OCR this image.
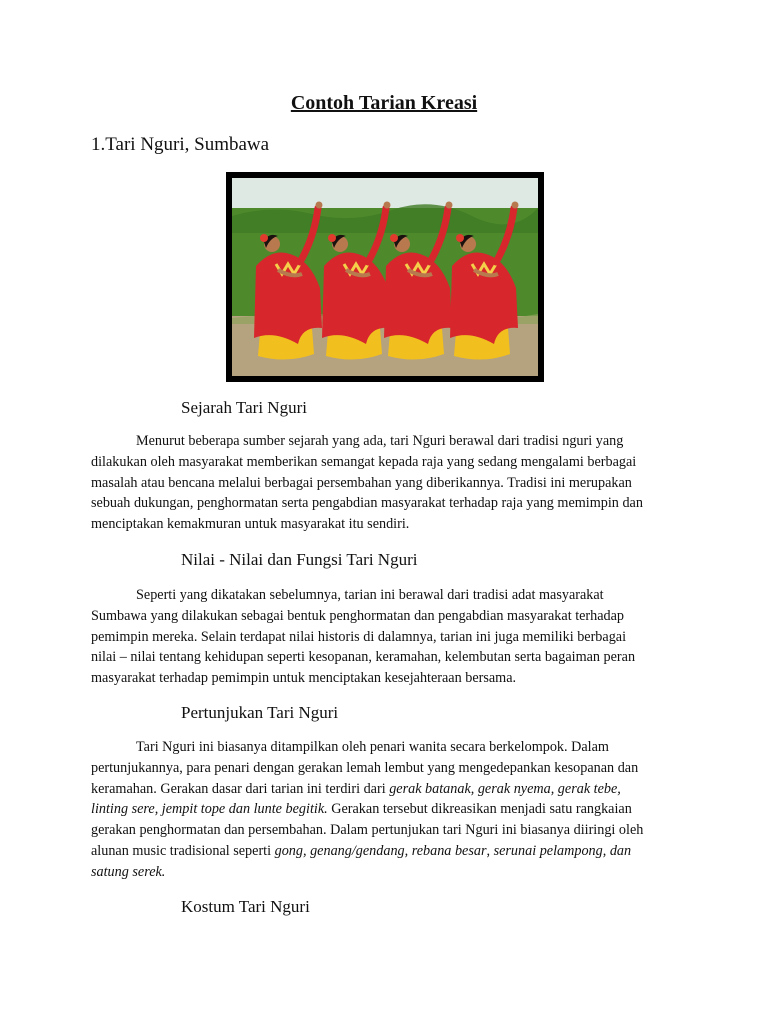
Contoh Tarian Kreasi
1.Tari Nguri, Sumbawa
Sejarah Tari Nguri

Menurut beberapa sumber sejarah yang ada, tari Nguri berawal dari tradisi nguri yang
dilakukan oleh masyarakat memberikan semangat kepada raja yang sedang mengalami berbagai
masalah atau bencana melalui berbagai persembahan yang diberikannya. Tradisi ini merupakan
sebuah dukungan, penghormatan serta pengabdian masyarakat terhadap raja yang memimpin dan
menciptakan kemakmuran untuk masyarakat itu sendiri.

Nilai - Nilai dan Fungsi Tari Nguri

Seperti yang dikatakan sebelumnya, tarian ini berawal dari tradisi adat masyarakat
Sumbawa yang dilakukan sebagai bentuk penghormatan dan pengabdian masyarakat terhadap
pemimpin mereka. Selain terdapat nilai historis di dalamnya, tarian ini juga memiliki berbagai
nilai – nilai tentang kehidupan seperti kesopanan, keramahan, kelembutan serta bagaiman peran
masyarakat terhadap pemimpin untuk menciptakan kesejahteraan bersama.

Pertunjukan Tari Nguri

Tari Nguri ini biasanya ditampilkan oleh penari wanita secara berkelompok. Dalam
pertunjukannya, para penari dengan gerakan lemah lembut yang mengedepankan kesopanan dan
keramahan. Gerakan dasar dari tarian ini terdiri dari gerak batanak, gerak nyema, gerak tebe,
linting sere, jempit tope dan lunte begitik. Gerakan tersebut dikreasikan menjadi satu rangkaian
gerakan penghormatan dan persembahan. Dalam pertunjukan tari Nguri ini biasanya diiringi oleh
alunan music tradisional seperti gong, genang/gendang, rebana besar, serunai pelampong, dan
satung serek.

Kostum Tari Nguri
